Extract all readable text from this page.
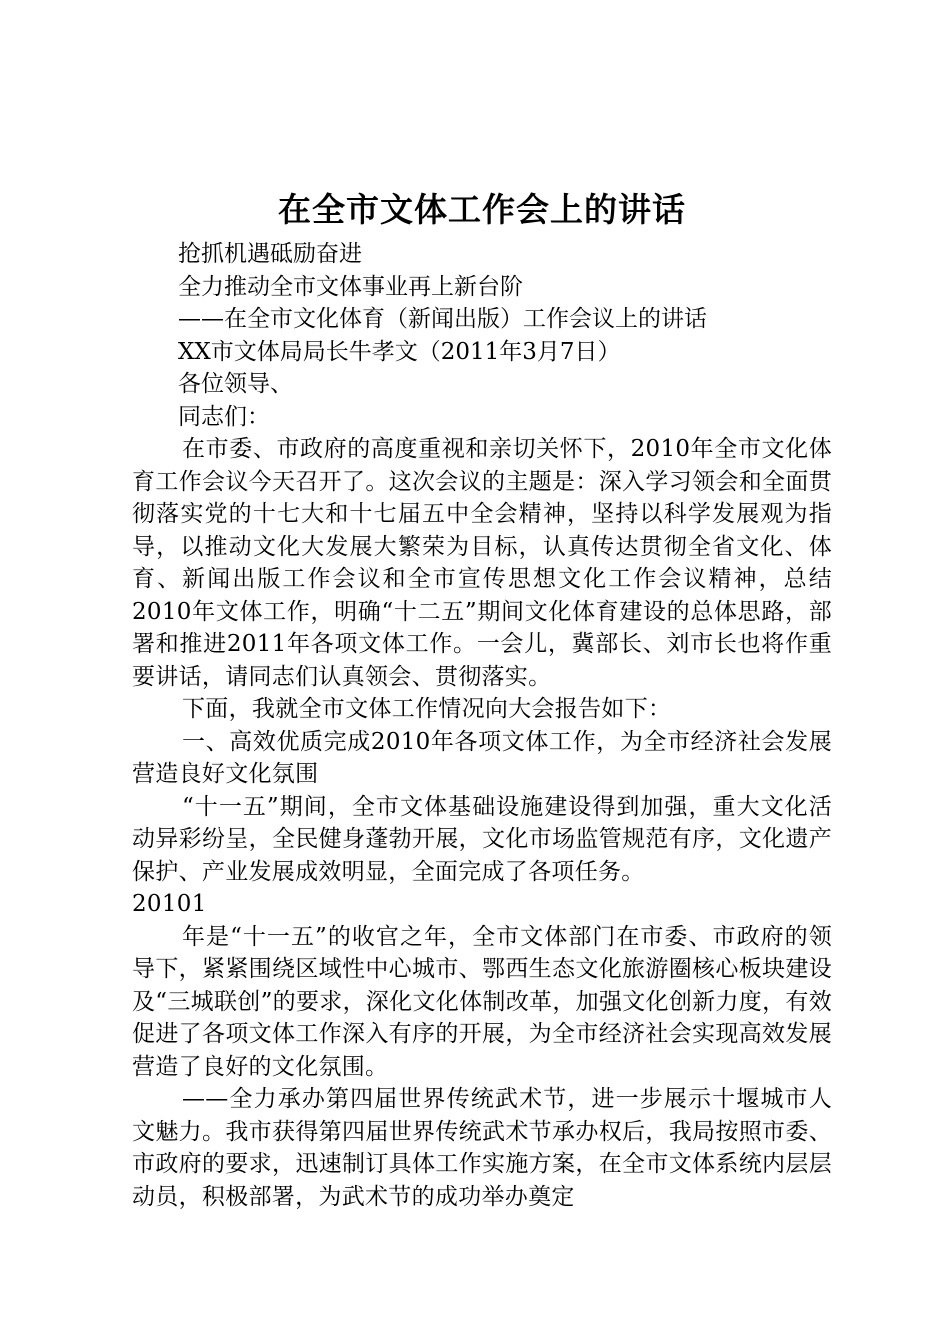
在全市文体工作会上的讲话

抢抓机遇砥励奋进

全力推动全市文体事业再上新台阶

——在全市文化体育（新闻出版）工作会议上的讲话

XX市文体局局长牛孝文（2011年3月7日）

各位领导、

同志们：

在市委、市政府的高度重视和亲切关怀下，2010年全市文化体育工作会议今天召开了。这次会议的主题是：深入学习领会和全面贯彻落实党的十七大和十七届五中全会精神，坚持以科学发展观为指导，以推动文化大发展大繁荣为目标，认真传达贯彻全省文化、体育、新闻出版工作会议和全市宣传思想文化工作会议精神，总结2010年文体工作，明确“十二五”期间文化体育建设的总体思路，部署和推进2011年各项文体工作。一会儿，冀部长、刘市长也将作重要讲话，请同志们认真领会、贯彻落实。

下面，我就全市文体工作情况向大会报告如下：

一、高效优质完成2010年各项文体工作，为全市经济社会发展营造良好文化氛围

“十一五”期间，全市文体基础设施建设得到加强，重大文化活动异彩纷呈，全民健身蓬勃开展，文化市场监管规范有序，文化遗产保护、产业发展成效明显，全面完成了各项任务。

20101

年是“十一五”的收官之年，全市文体部门在市委、市政府的领导下，紧紧围绕区域性中心城市、鄂西生态文化旅游圈核心板块建设及“三城联创”的要求，深化文化体制改革，加强文化创新力度，有效促进了各项文体工作深入有序的开展，为全市经济社会实现高效发展营造了良好的文化氛围。

——全力承办第四届世界传统武术节，进一步展示十堰城市人文魅力。我市获得第四届世界传统武术节承办权后，我局按照市委、市政府的要求，迅速制订具体工作实施方案，在全市文体系统内层层动员，积极部署，为武术节的成功举办奠定
